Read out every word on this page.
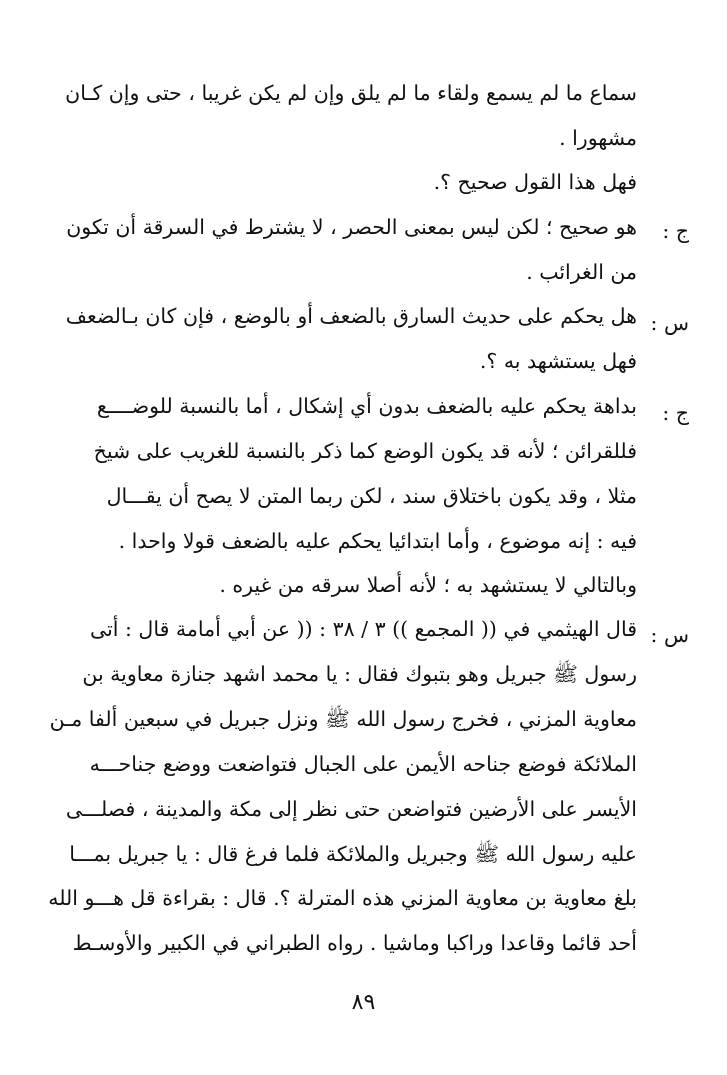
سماع ما لم يسمع ولقاء ما لم يلق وإن لم يكن غريبا ، حتى وإن كـان
مشهورا .
فهل هذا القول صحيح ؟.
ج :
هو صحيح ؛ لكن ليس بمعنى الحصر ، لا يشترط في السرقة أن تكون
من الغرائب .
س :
هل يحكم على حديث السارق بالضعف أو بالوضع ، فإن كان بـالضعف
فهل يستشهد به ؟.
ج :
بداهة يحكم عليه بالضعف بدون أي إشكال ، أما بالنسبة للوضــــع
فللقرائن ؛ لأنه قد يكون الوضع كما ذكر بالنسبة للغريب على شيخ
مثلا ، وقد يكون باختلاق سند ، لكن ربما المتن لا يصح أن يقـــال
فيه : إنه موضوع ، وأما ابتدائيا يحكم عليه بالضعف قولا واحدا .
وبالتالي لا يستشهد به ؛ لأنه أصلا سرقه من غيره .
س :
قال الهيثمي في (( المجمع )) ٣ / ٣٨ : (( عن أبي أمامة قال : أتى
رسول ﷺ جبريل وهو بتبوك فقال : يا محمد اشهد جنازة معاوية بن
معاوية المزني ، فخرج رسول الله ﷺ ونزل جبريل في سبعين ألفا مـن
الملائكة فوضع جناحه الأيمن على الجبال فتواضعت ووضع جناحـــه
الأيسر على الأرضين فتواضعن حتى نظر إلى مكة والمدينة ، فصلـــى
عليه رسول الله ﷺ وجبريل والملائكة فلما فرغ قال : يا جبريل بمـــا
بلغ معاوية بن معاوية المزني هذه المترلة ؟. قال : بقراءة قل هـــو الله
أحد قائما وقاعدا وراكبا وماشيا . رواه الطبراني في الكبير والأوسـط
٨٩
